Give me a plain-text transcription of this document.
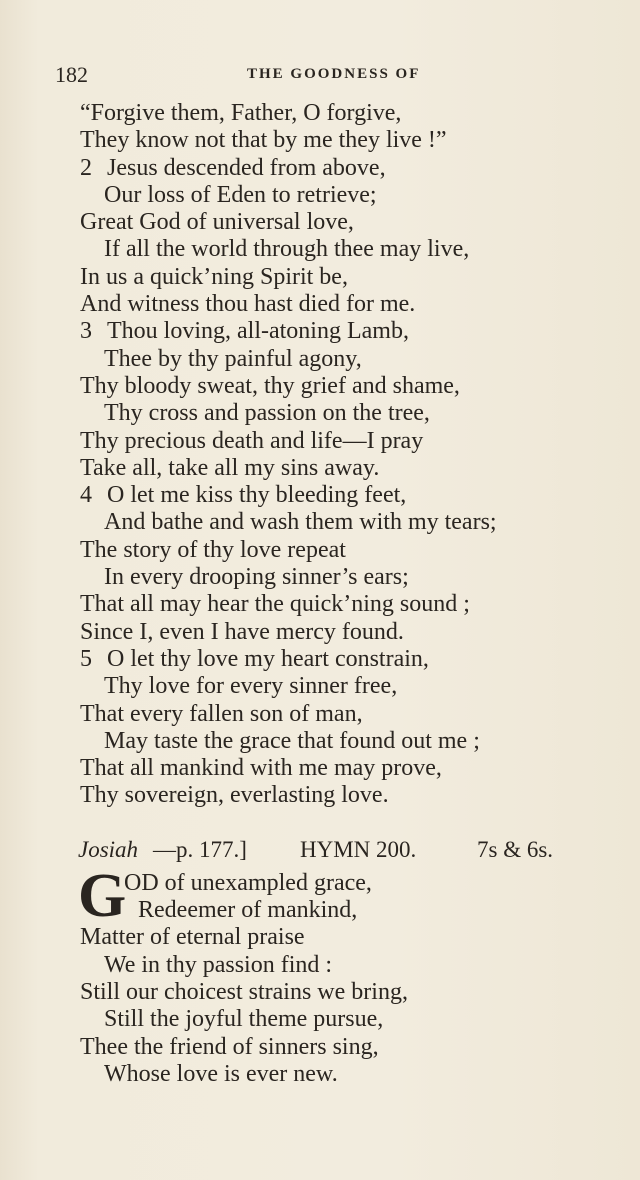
182	THE GOODNESS OF
“Forgive them, Father, O forgive,
They know not that by me they live !”
2 Jesus descended from above,
Our loss of Eden to retrieve;
Great God of universal love,
If all the world through thee may live,
In us a quick’ning Spirit be,
And witness thou hast died for me.
3 Thou loving, all-atoning Lamb,
Thee by thy painful agony,
Thy bloody sweat, thy grief and shame,
Thy cross and passion on the tree,
Thy precious death and life—I pray
Take all, take all my sins away.
4 O let me kiss thy bleeding feet,
And bathe and wash them with my tears;
The story of thy love repeat
In every drooping sinner’s ears;
That all may hear the quick’ning sound ;
Since I, even I have mercy found.
5 O let thy love my heart constrain,
Thy love for every sinner free,
That every fallen son of man,
May taste the grace that found out me ;
That all mankind with me may prove,
Thy sovereign, everlasting love.
Josiah —p. 177.] HYMN 200.	7s & 6s.
G
OD of unexampled grace,
Redeemer of mankind,
Matter of eternal praise
We in thy passion find :
Still our choicest strains we bring,
Still the joyful theme pursue,
Thee the friend of sinners sing,
Whose love is ever new.
